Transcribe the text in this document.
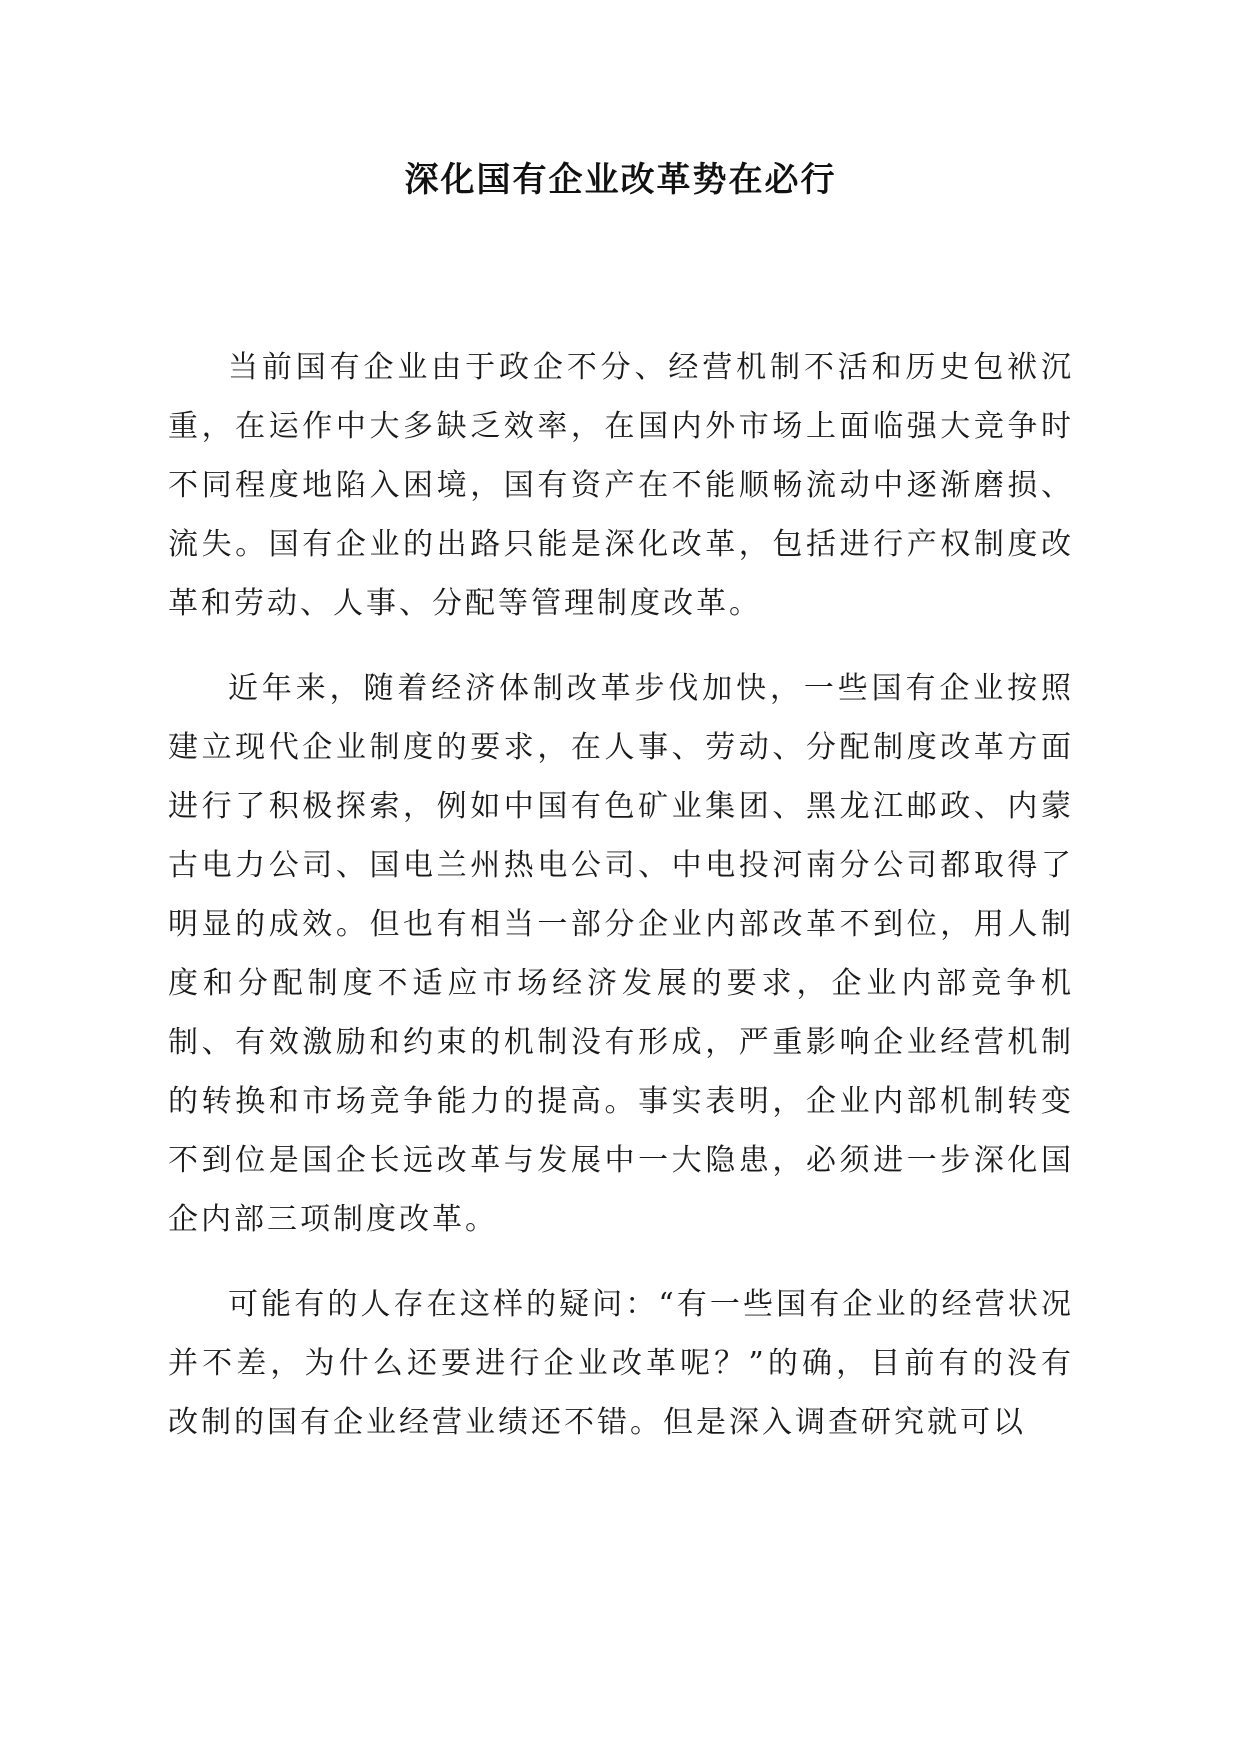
深化国有企业改革势在必行

当前国有企业由于政企不分、经营机制不活和历史包袱沉重，在运作中大多缺乏效率，在国内外市场上面临强大竞争时不同程度地陷入困境，国有资产在不能顺畅流动中逐渐磨损、流失。国有企业的出路只能是深化改革，包括进行产权制度改革和劳动、人事、分配等管理制度改革。

近年来，随着经济体制改革步伐加快，一些国有企业按照建立现代企业制度的要求，在人事、劳动、分配制度改革方面进行了积极探索，例如中国有色矿业集团、黑龙江邮政、内蒙古电力公司、国电兰州热电公司、中电投河南分公司都取得了明显的成效。但也有相当一部分企业内部改革不到位，用人制度和分配制度不适应市场经济发展的要求，企业内部竞争机制、有效激励和约束的机制没有形成，严重影响企业经营机制的转换和市场竞争能力的提高。事实表明，企业内部机制转变不到位是国企长远改革与发展中一大隐患，必须进一步深化国企内部三项制度改革。

可能有的人存在这样的疑问：“有一些国有企业的经营状况并不差，为什么还要进行企业改革呢？”的确，目前有的没有改制的国有企业经营业绩还不错。但是深入调查研究就可以
